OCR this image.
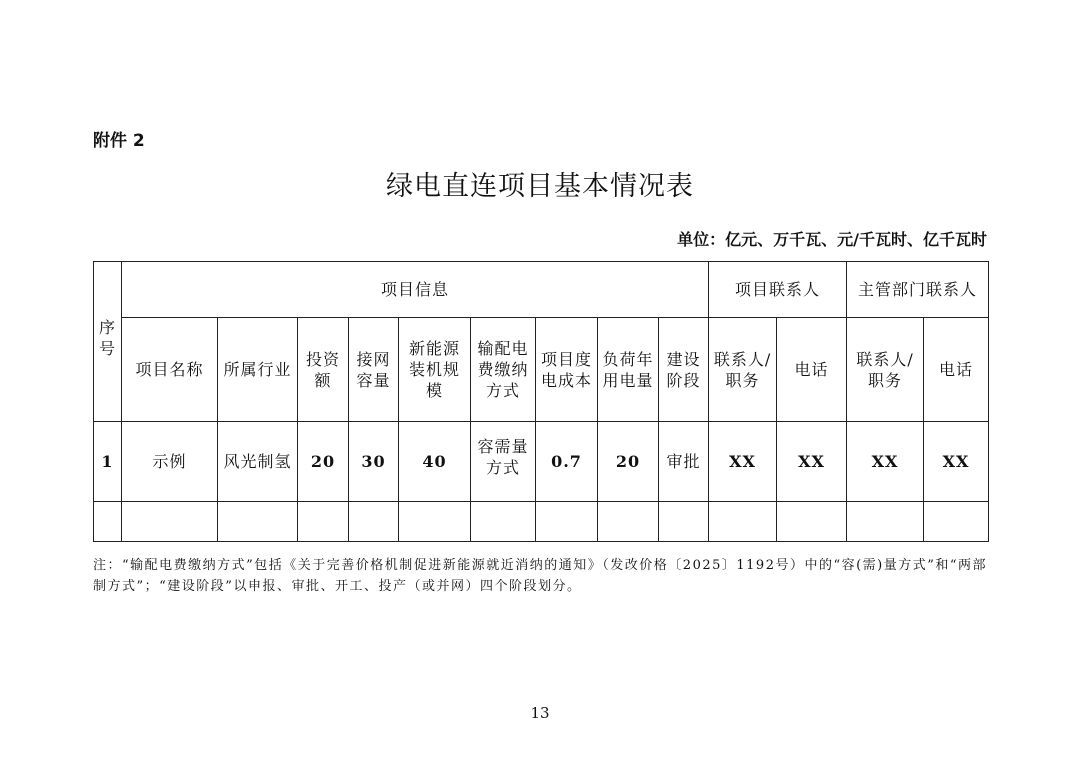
附件 2
绿电直连项目基本情况表
单位：亿元、万千瓦、元/千瓦时、亿千瓦时
序号	项目信息									项目联系人		主管部门联系人	
	项目名称	所属行业	投资额	接网容量	新能源装机规模	输配电费缴纳方式	项目度电成本	负荷年用电量	建设阶段	联系人/职务	电话	联系人/职务	电话
1	示例	风光制氢	20	30	40	容需量方式	0.7	20	审批	XX	XX	XX	XX

注：“输配电费缴纳方式”包括《关于完善价格机制促进新能源就近消纳的通知》（发改价格〔2025〕1192号）中的“容(需)量方式”和“两部制方式”；“建设阶段”以申报、审批、开工、投产（或并网）四个阶段划分。
13
